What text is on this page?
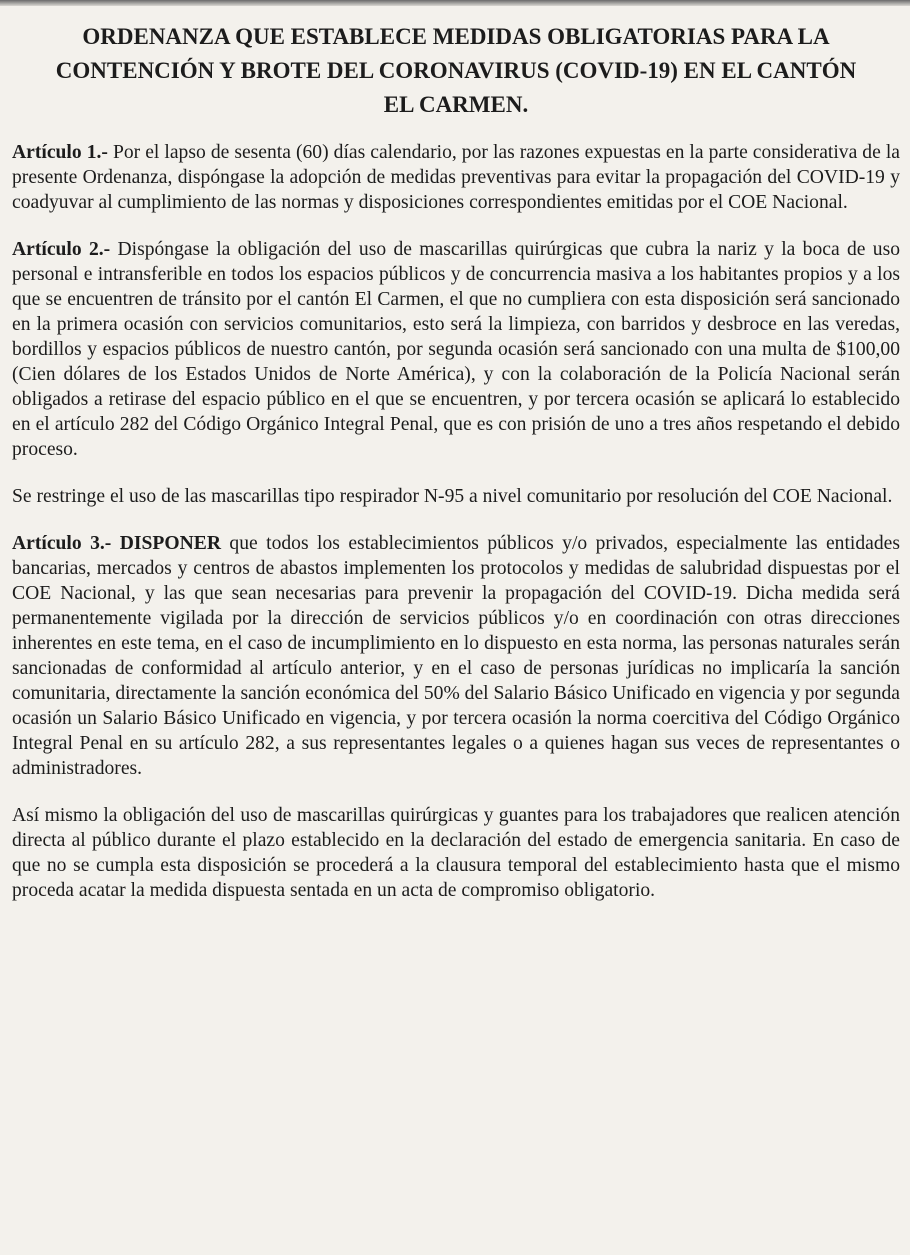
ORDENANZA QUE ESTABLECE MEDIDAS OBLIGATORIAS PARA LA
CONTENCIÓN Y BROTE DEL CORONAVIRUS (COVID-19) EN EL CANTÓN
EL CARMEN.

Artículo 1.- Por el lapso de sesenta (60) días calendario, por las razones expuestas en la parte considerativa de la presente Ordenanza, dispóngase la adopción de medidas preventivas para evitar la propagación del COVID-19 y coadyuvar al cumplimiento de las normas y disposiciones correspondientes emitidas por el COE Nacional.

Artículo 2.- Dispóngase la obligación del uso de mascarillas quirúrgicas que cubra la nariz y la boca de uso personal e intransferible en todos los espacios públicos y de concurrencia masiva a los habitantes propios y a los que se encuentren de tránsito por el cantón El Carmen, el que no cumpliera con esta disposición será sancionado en la primera ocasión con servicios comunitarios, esto será la limpieza, con barridos y desbroce en las veredas, bordillos y espacios públicos de nuestro cantón, por segunda ocasión será sancionado con una multa de $100,00 (Cien dólares de los Estados Unidos de Norte América), y con la colaboración de la Policía Nacional serán obligados a retirase del espacio público en el que se encuentren, y por tercera ocasión se aplicará lo establecido en el artículo 282 del Código Orgánico Integral Penal, que es con prisión de uno a tres años respetando el debido proceso.

Se restringe el uso de las mascarillas tipo respirador N-95 a nivel comunitario por resolución del COE Nacional.

Artículo 3.- DISPONER que todos los establecimientos públicos y/o privados, especialmente las entidades bancarias, mercados y centros de abastos implementen los protocolos y medidas de salubridad dispuestas por el COE Nacional, y las que sean necesarias para prevenir la propagación del COVID-19. Dicha medida será permanentemente vigilada por la dirección de servicios públicos y/o en coordinación con otras direcciones inherentes en este tema, en el caso de incumplimiento en lo dispuesto en esta norma, las personas naturales serán sancionadas de conformidad al artículo anterior, y en el caso de personas jurídicas no implicaría la sanción comunitaria, directamente la sanción económica del 50% del Salario Básico Unificado en vigencia y por segunda ocasión un Salario Básico Unificado en vigencia, y por tercera ocasión la norma coercitiva del Código Orgánico Integral Penal en su artículo 282, a sus representantes legales o a quienes hagan sus veces de representantes o administradores.

Así mismo la obligación del uso de mascarillas quirúrgicas y guantes para los trabajadores que realicen atención directa al público durante el plazo establecido en la declaración del estado de emergencia sanitaria. En caso de que no se cumpla esta disposición se procederá a la clausura temporal del establecimiento hasta que el mismo proceda acatar la medida dispuesta sentada en un acta de compromiso obligatorio.
